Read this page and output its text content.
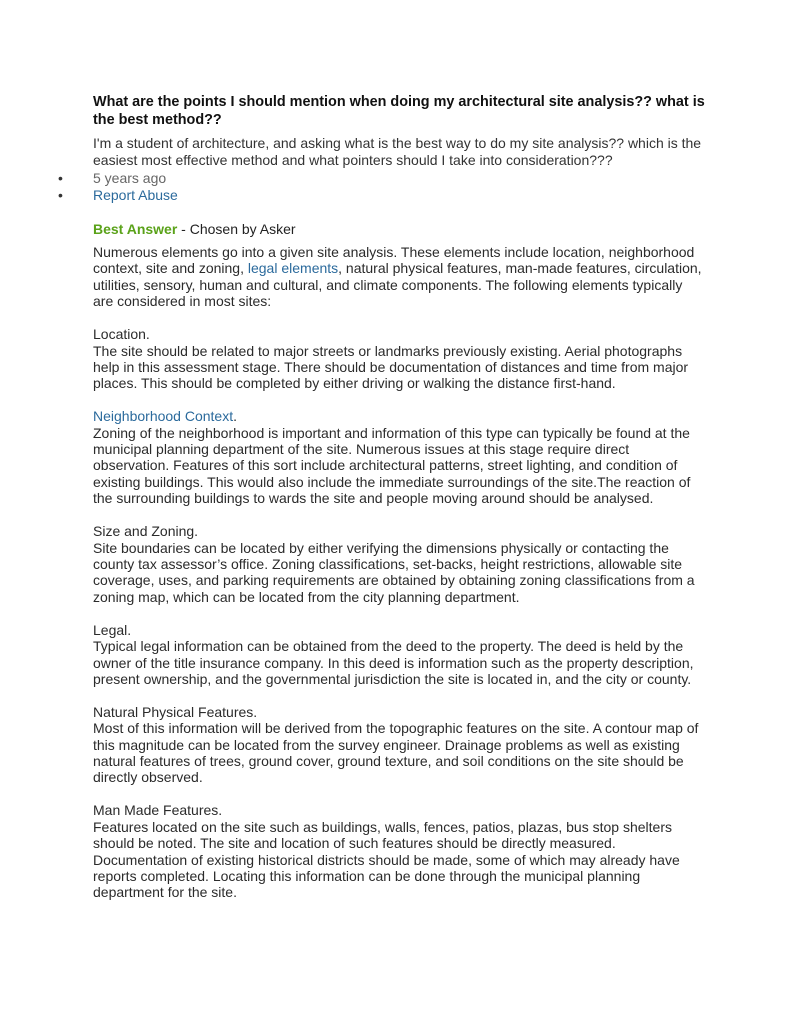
What are the points I should mention when doing my architectural site analysis?? what is the best method??

I'm a student of architecture, and asking what is the best way to do my site analysis?? which is the easiest most effective method and what pointers should I take into consideration???

• 5 years ago
• Report Abuse
Best Answer - Chosen by Asker

Numerous elements go into a given site analysis. These elements include location, neighborhood context, site and zoning, legal elements, natural physical features, man-made features, circulation, utilities, sensory, human and cultural, and climate components. The following elements typically are considered in most sites:

Location.
The site should be related to major streets or landmarks previously existing. Aerial photographs help in this assessment stage. There should be documentation of distances and time from major places. This should be completed by either driving or walking the distance first-hand.

Neighborhood Context.
Zoning of the neighborhood is important and information of this type can typically be found at the municipal planning department of the site. Numerous issues at this stage require direct observation. Features of this sort include architectural patterns, street lighting, and condition of existing buildings. This would also include the immediate surroundings of the site.The reaction of the surrounding buildings to wards the site and people moving around should be analysed.

Size and Zoning.
Site boundaries can be located by either verifying the dimensions physically or contacting the county tax assessor’s office. Zoning classifications, set-backs, height restrictions, allowable site coverage, uses, and parking requirements are obtained by obtaining zoning classifications from a zoning map, which can be located from the city planning department.

Legal.
Typical legal information can be obtained from the deed to the property. The deed is held by the owner of the title insurance company. In this deed is information such as the property description, present ownership, and the governmental jurisdiction the site is located in, and the city or county.

Natural Physical Features.
Most of this information will be derived from the topographic features on the site. A contour map of this magnitude can be located from the survey engineer. Drainage problems as well as existing natural features of trees, ground cover, ground texture, and soil conditions on the site should be directly observed.

Man Made Features.
Features located on the site such as buildings, walls, fences, patios, plazas, bus stop shelters should be noted. The site and location of such features should be directly measured. Documentation of existing historical districts should be made, some of which may already have reports completed. Locating this information can be done through the municipal planning department for the site.
